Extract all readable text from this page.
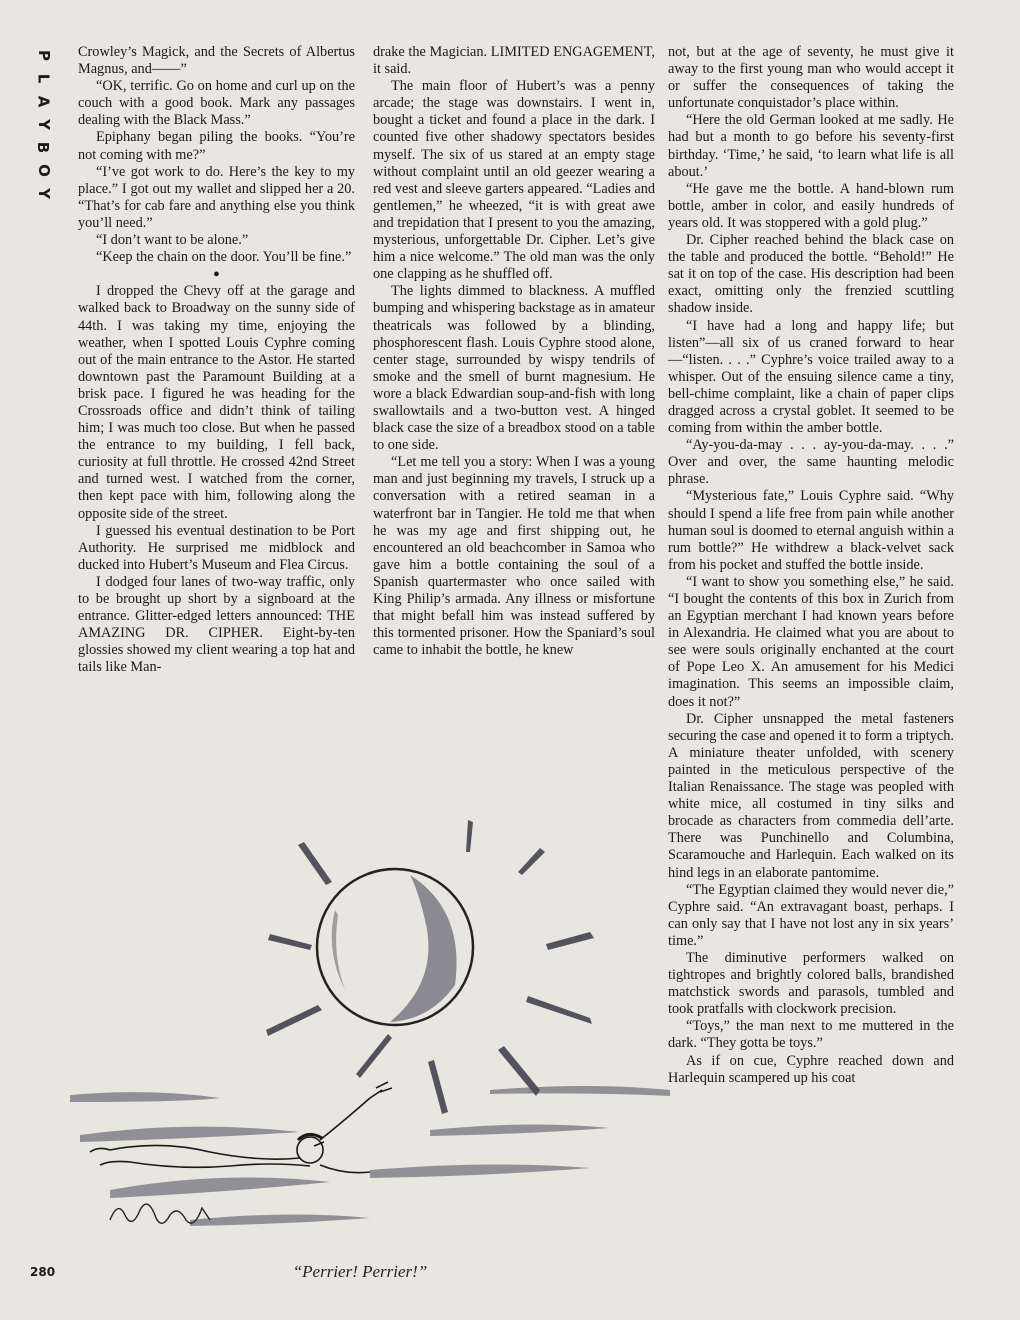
P
L
A
Y
B
O
Y

Crowley’s Magick, and the Secrets of Albertus Magnus, and——”

“OK, terrific. Go on home and curl up on the couch with a good book. Mark any passages dealing with the Black Mass.”

Epiphany began piling the books. “You’re not coming with me?”

“I’ve got work to do. Here’s the key to my place.” I got out my wallet and slipped her a 20. “That’s for cab fare and anything else you think you’ll need.”

“I don’t want to be alone.”

“Keep the chain on the door. You’ll be fine.”

●

I dropped the Chevy off at the garage and walked back to Broadway on the sunny side of 44th. I was taking my time, enjoying the weather, when I spotted Louis Cyphre coming out of the main entrance to the Astor. He started downtown past the Paramount Building at a brisk pace. I figured he was heading for the Crossroads office and didn’t think of tailing him; I was much too close. But when he passed the entrance to my building, I fell back, curiosity at full throttle. He crossed 42nd Street and turned west. I watched from the corner, then kept pace with him, following along the opposite side of the street.

I guessed his eventual destination to be Port Authority. He surprised me midblock and ducked into Hubert’s Museum and Flea Circus.

I dodged four lanes of two-way traffic, only to be brought up short by a signboard at the entrance. Glitter-edged letters announced: THE AMAZING DR. CIPHER. Eight-by-ten glossies showed my client wearing a top hat and tails like Man-

drake the Magician. LIMITED ENGAGEMENT, it said.

The main floor of Hubert’s was a penny arcade; the stage was downstairs. I went in, bought a ticket and found a place in the dark. I counted five other shadowy spectators besides myself. The six of us stared at an empty stage without complaint until an old geezer wearing a red vest and sleeve garters appeared. “Ladies and gentlemen,” he wheezed, “it is with great awe and trepidation that I present to you the amazing, mysterious, unforgettable Dr. Cipher. Let’s give him a nice welcome.” The old man was the only one clapping as he shuffled off.

The lights dimmed to blackness. A muffled bumping and whispering backstage as in amateur theatricals was followed by a blinding, phosphorescent flash. Louis Cyphre stood alone, center stage, surrounded by wispy tendrils of smoke and the smell of burnt magnesium. He wore a black Edwardian soup-and-fish with long swallowtails and a two-button vest. A hinged black case the size of a breadbox stood on a table to one side.

“Let me tell you a story: When I was a young man and just beginning my travels, I struck up a conversation with a retired seaman in a waterfront bar in Tangier. He told me that when he was my age and first shipping out, he encountered an old beachcomber in Samoa who gave him a bottle containing the soul of a Spanish quartermaster who once sailed with King Philip’s armada. Any illness or misfortune that might befall him was instead suffered by this tormented prisoner. How the Spaniard’s soul came to inhabit the bottle, he knew

not, but at the age of seventy, he must give it away to the first young man who would accept it or suffer the consequences of taking the unfortunate conquistador’s place within.

“Here the old German looked at me sadly. He had but a month to go before his seventy-first birthday. ‘Time,’ he said, ‘to learn what life is all about.’

“He gave me the bottle. A hand-blown rum bottle, amber in color, and easily hundreds of years old. It was stoppered with a gold plug.”

Dr. Cipher reached behind the black case on the table and produced the bottle. “Behold!” He sat it on top of the case. His description had been exact, omitting only the frenzied scuttling shadow inside.

“I have had a long and happy life; but listen”—all six of us craned forward to hear—“listen. . . .” Cyphre’s voice trailed away to a whisper. Out of the ensuing silence came a tiny, bell-chime complaint, like a chain of paper clips dragged across a crystal goblet. It seemed to be coming from within the amber bottle.

“Ay-you-da-may . . . ay-you-da-may. . . .” Over and over, the same haunting melodic phrase.

“Mysterious fate,” Louis Cyphre said. “Why should I spend a life free from pain while another human soul is doomed to eternal anguish within a rum bottle?” He withdrew a black-velvet sack from his pocket and stuffed the bottle inside.

“I want to show you something else,” he said. “I bought the contents of this box in Zurich from an Egyptian merchant I had known years before in Alexandria. He claimed what you are about to see were souls originally enchanted at the court of Pope Leo X. An amusement for his Medici imagination. This seems an impossible claim, does it not?”

Dr. Cipher unsnapped the metal fasteners securing the case and opened it to form a triptych. A miniature theater unfolded, with scenery painted in the meticulous perspective of the Italian Renaissance. The stage was peopled with white mice, all costumed in tiny silks and brocade as characters from commedia dell’arte. There was Punchinello and Columbina, Scaramouche and Harlequin. Each walked on its hind legs in an elaborate pantomime.

“The Egyptian claimed they would never die,” Cyphre said. “An extravagant boast, perhaps. I can only say that I have not lost any in six years’ time.”

The diminutive performers walked on tightropes and brightly colored balls, brandished matchstick swords and parasols, tumbled and took pratfalls with clockwork precision.

“Toys,” the man next to me muttered in the dark. “They gotta be toys.”

As if on cue, Cyphre reached down and Harlequin scampered up his coat

“Perrier! Perrier!”
280
